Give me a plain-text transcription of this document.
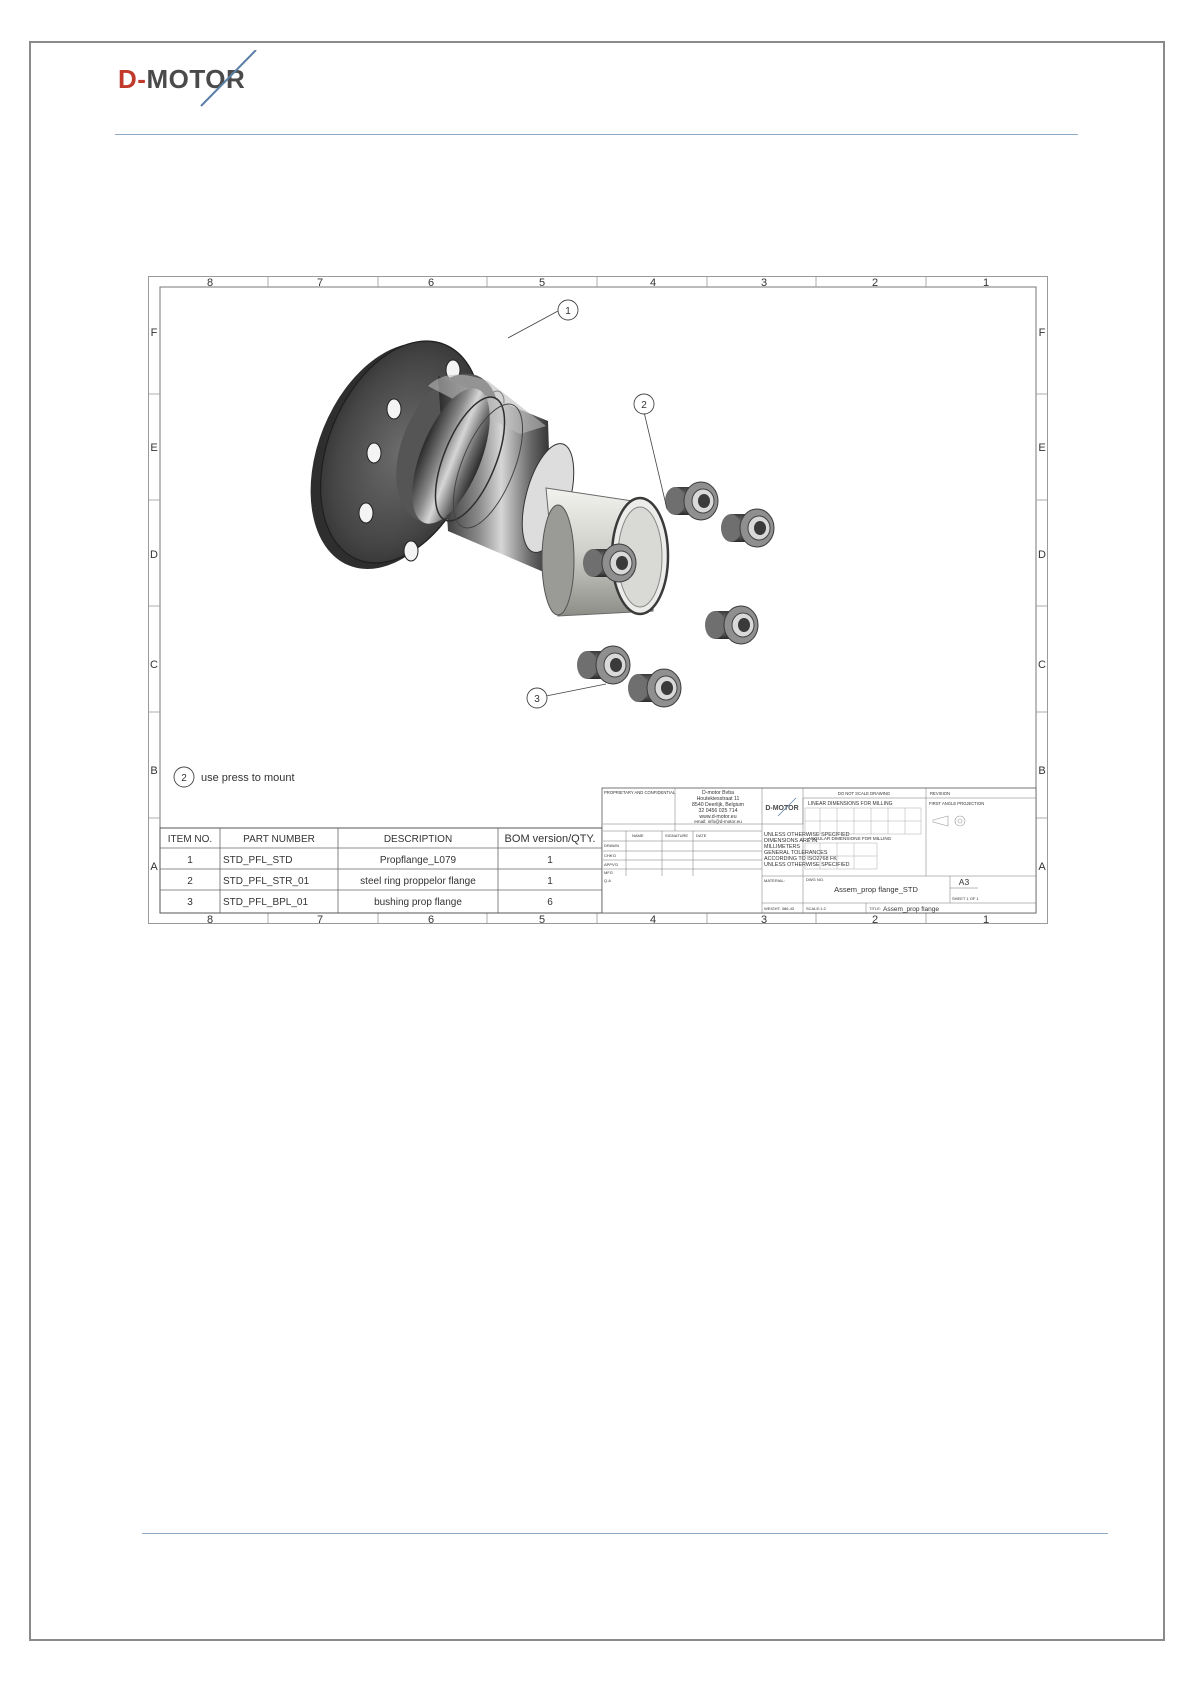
D-MOTOR
8	7	6	5	4	3	2	1
8	7	6	5	4	3	2	1
F
E
D
C
B
A
F
E
D
C
B
A
1
2
3
2 use press to mount
ITEM NO.	PART NUMBER	DESCRIPTION	BOM version/QTY.
1	STD_PFL_STD	Propflange_L079	1
2	STD_PFL_STR_01	steel ring proppelor flange	1
3	STD_PFL_BPL_01	bushing prop flange	6
PROPRIETARY AND CONFIDENTIAL	D-motor Bvba
Houtekiesstraat 11
8540 Deerlijk, Belgium
32 0456 025 714
www.d-motor.eu
email: info@d-motor.eu
D-MOTOR
DO NOT SCALE DRAWING	REVISION
LINEAR DIMENSIONS FOR MILLING
ANGULAR DIMENSIONS FOR MILLING
FIRST ANGLE PROJECTION
UNLESS OTHERWISE SPECIFIED
DIMENSIONS ARE IN
MILLIMETERS
GENERAL TOLERANCES
ACCORDING TO ISO2768 FK
UNLESS OTHERWISE SPECIFIED
NAME	SIGNATURE DATE
DRAWN
CHK'D
APPV'D
MFG
Q.A	MATERIAL:
WEIGHT: 386.43
DWG NO.
SCALE:1:2	TITLE:
SHEET 1 OF 1
Assem_prop flange_STD
A3
Assem_prop flange
